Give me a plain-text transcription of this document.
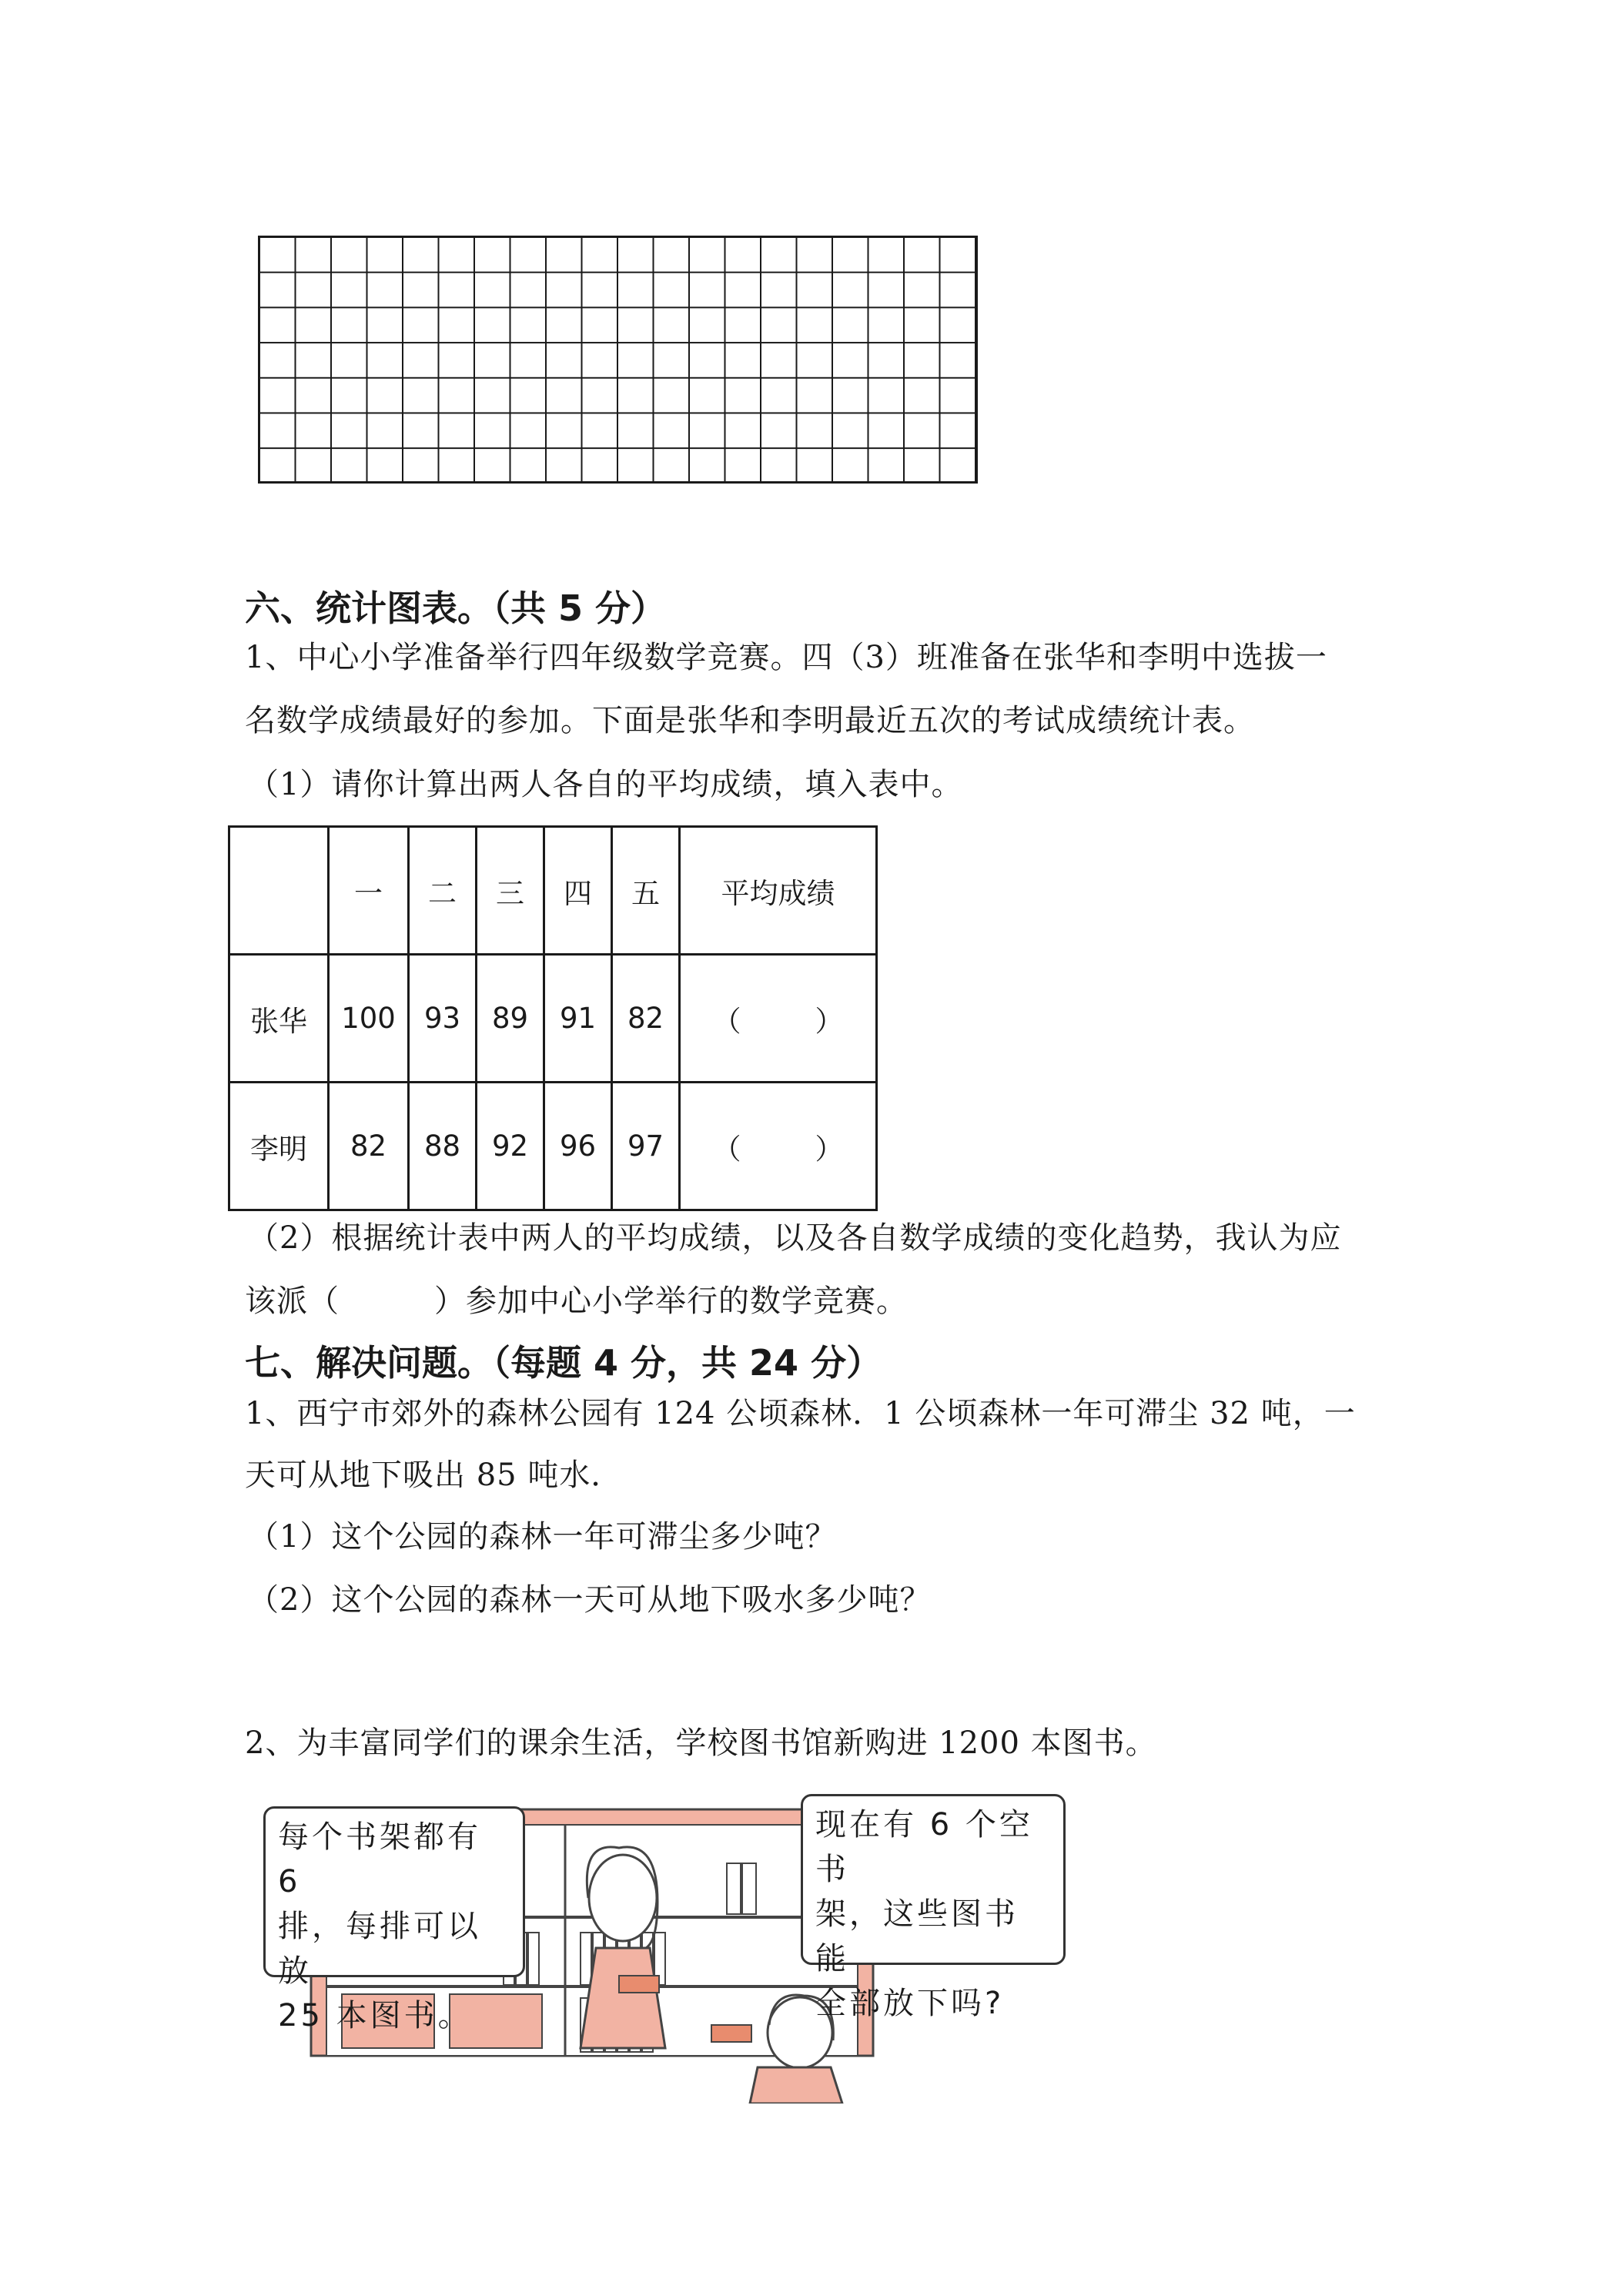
六、统计图表。（共 5 分）
1、中心小学准备举行四年级数学竞赛。四（3）班准备在张华和李明中选拔一
名数学成绩最好的参加。下面是张华和李明最近五次的考试成绩统计表。
（1）请你计算出两人各自的平均成绩，填入表中。
	一	二	三	四	五	平均成绩
张华	100	93	89	91	82	（ ）

李明	82	88	92	96	97	（ ）
（2）根据统计表中两人的平均成绩，以及各自数学成绩的变化趋势，我认为应
该派（　　　）参加中心小学举行的数学竞赛。
七、解决问题。（每题 4 分，共 24 分）
1、西宁市郊外的森林公园有 124 公顷森林．1 公顷森林一年可滞尘 32 吨，一
天可从地下吸出 85 吨水．
（1）这个公园的森林一年可滞尘多少吨？
（2）这个公园的森林一天可从地下吸水多少吨？
2、为丰富同学们的课余生活，学校图书馆新购进 1200 本图书。
每个书架都有 6
排，每排可以放
25 本图书。
现在有 6 个空书
架，这些图书能
全部放下吗?
